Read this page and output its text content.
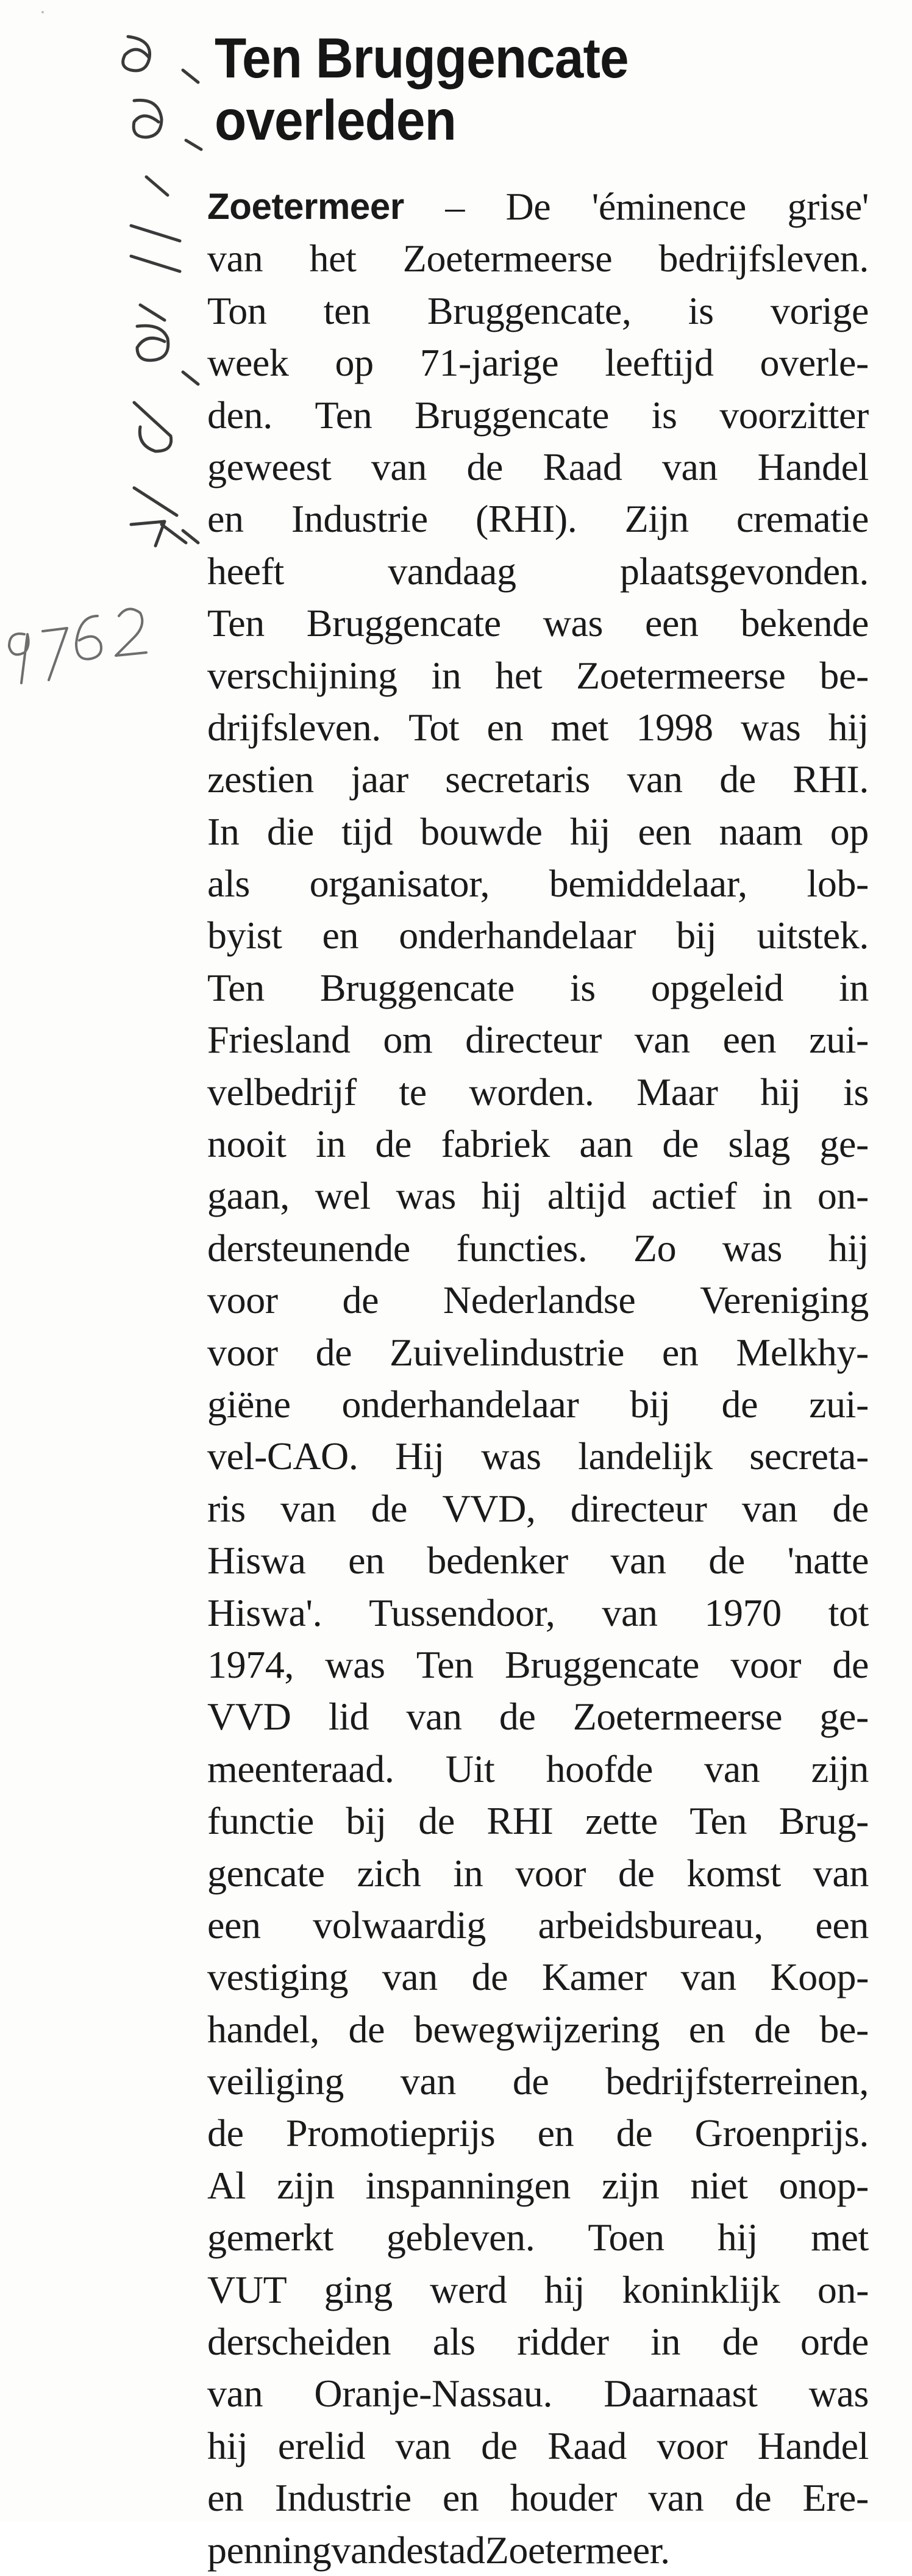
Ten Bruggencate
overleden
Zoetermeer – De 'éminence grise'
van het Zoetermeerse bedrijfsleven.
Ton ten Bruggencate, is vorige
week op 71-jarige leeftijd overle-
den. Ten Bruggencate is voorzitter
geweest van de Raad van Handel
en Industrie (RHI). Zijn crematie
heeft	vandaag	plaatsgevonden.
Ten Bruggencate was een bekende
verschijning in het Zoetermeerse be-
drijfsleven. Tot en met 1998 was hij
zestien jaar secretaris van de RHI.
In die tijd bouwde hij een naam op
als organisator, bemiddelaar, lob-
byist en onderhandelaar bij uitstek.
Ten Bruggencate is opgeleid in
Friesland om directeur van een zui-
velbedrijf te worden. Maar hij is
nooit in de fabriek aan de slag ge-
gaan, wel was hij altijd actief in on-
dersteunende functies. Zo was hij
voor de Nederlandse Vereniging
voor de Zuivelindustrie en Melkhy-
giëne onderhandelaar bij de zui-
vel-CAO. Hij was landelijk secreta-
ris van de VVD, directeur van de
Hiswa en bedenker van de 'natte
Hiswa'. Tussendoor, van 1970 tot
1974, was Ten Bruggencate voor de
VVD lid van de Zoetermeerse ge-
meenteraad. Uit hoofde van zijn
functie bij de RHI zette Ten Brug-
gencate zich in voor de komst van
een volwaardig arbeidsbureau, een
vestiging van de Kamer van Koop-
handel, de bewegwijzering en de be-
veiliging van de bedrijfsterreinen,
de Promotieprijs en de Groenprijs.
Al zijn inspanningen zijn niet onop-
gemerkt gebleven. Toen hij met
VUT ging werd hij koninklijk on-
derscheiden als ridder in de orde
van Oranje-Nassau. Daarnaast was
hij erelid van de Raad voor Handel
en Industrie en houder van de Ere-
penning van de stad Zoetermeer.
